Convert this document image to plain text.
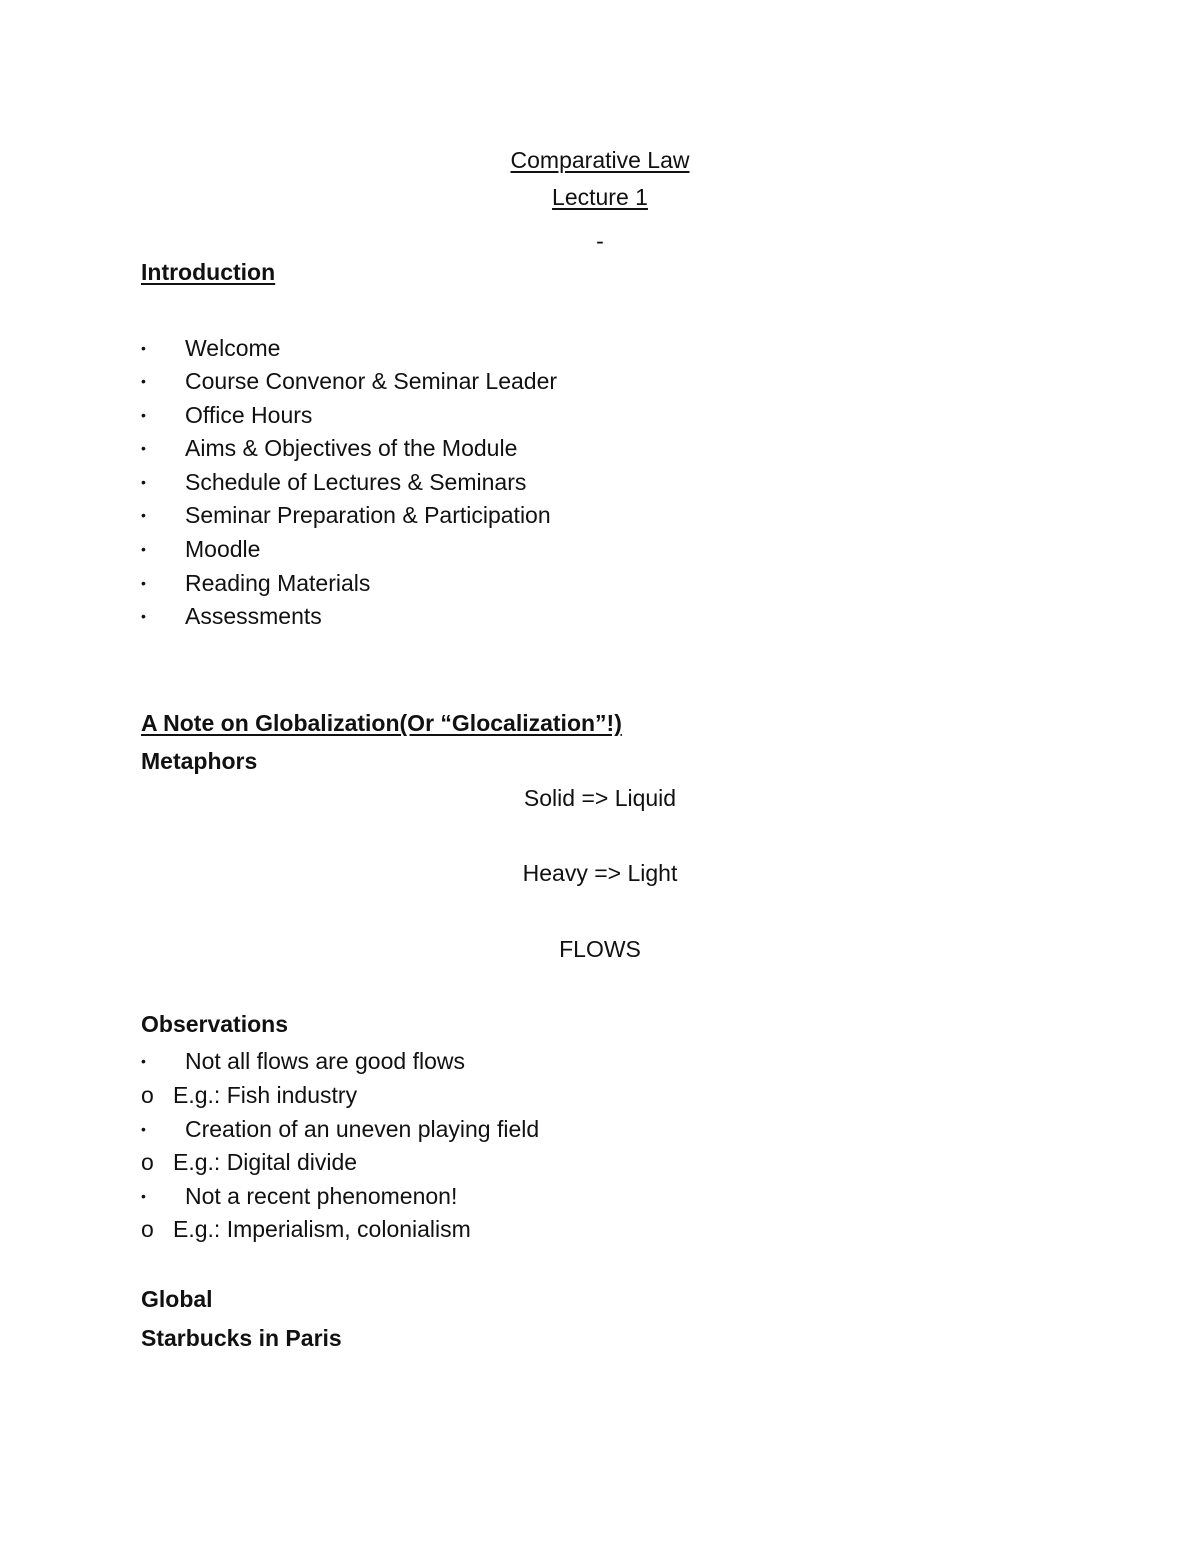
Comparative Law
Lecture 1
-
Introduction
• Welcome
• Course Convenor & Seminar Leader
• Office Hours
• Aims & Objectives of the Module
• Schedule of Lectures & Seminars
• Seminar Preparation & Participation
• Moodle
• Reading Materials
• Assessments
A Note on Globalization(Or “Glocalization”!)
Metaphors
Solid => Liquid
Heavy => Light
FLOWS
Observations
• Not all flows are good flows
o E.g.: Fish industry
• Creation of an uneven playing field
o E.g.: Digital divide
• Not a recent phenomenon!
o E.g.: Imperialism, colonialism
Global
Starbucks in Paris
